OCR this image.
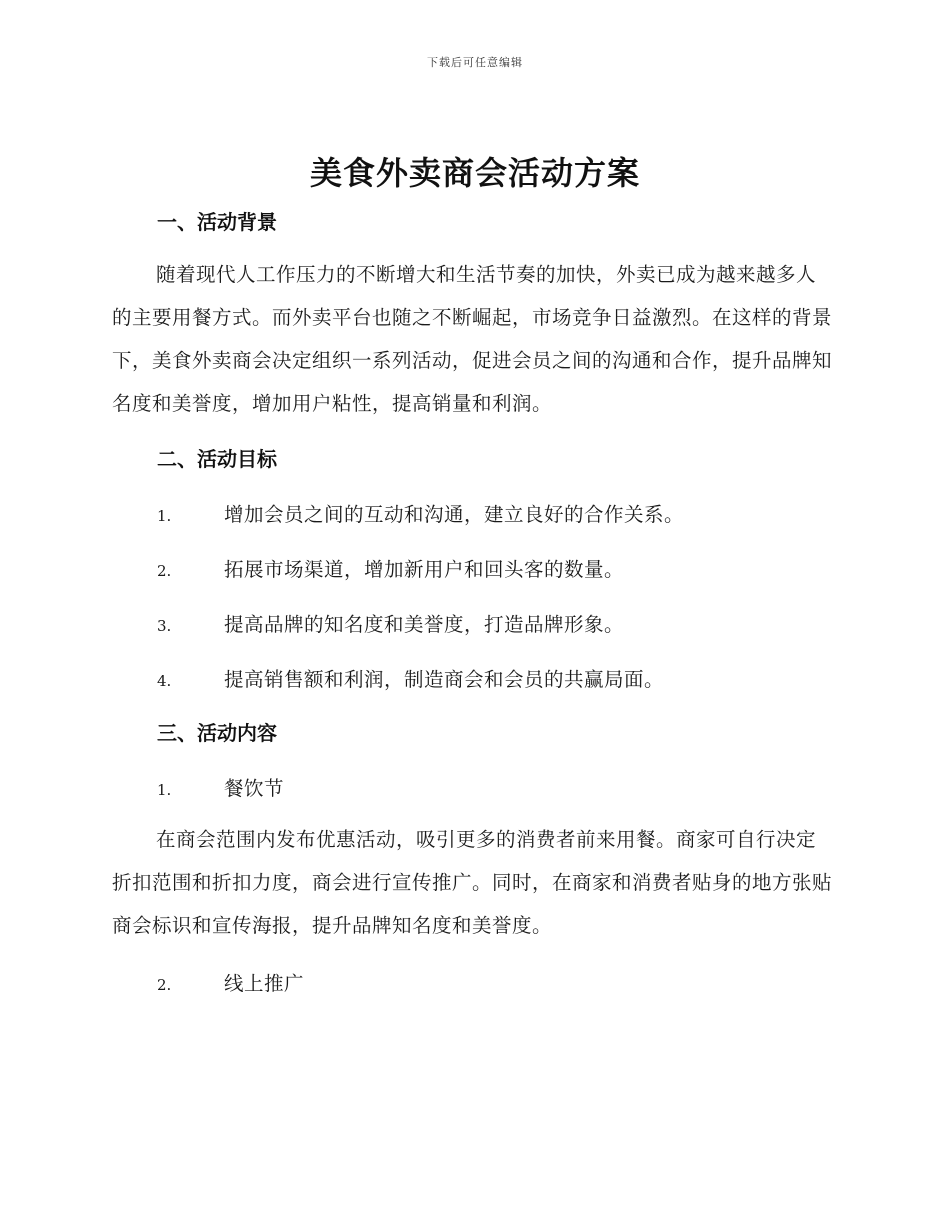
下载后可任意编辑
美食外卖商会活动方案
一、活动背景
随着现代人工作压力的不断增大和生活节奏的加快，外卖已成为越来越多人的主要用餐方式。而外卖平台也随之不断崛起，市场竞争日益激烈。在这样的背景下，美食外卖商会决定组织一系列活动，促进会员之间的沟通和合作，提升品牌知名度和美誉度，增加用户粘性，提高销量和利润。
二、活动目标
1.	增加会员之间的互动和沟通，建立良好的合作关系。
2.	拓展市场渠道，增加新用户和回头客的数量。
3.	提高品牌的知名度和美誉度，打造品牌形象。
4.	提高销售额和利润，制造商会和会员的共赢局面。
三、活动内容
1.	餐饮节
在商会范围内发布优惠活动，吸引更多的消费者前来用餐。商家可自行决定折扣范围和折扣力度，商会进行宣传推广。同时，在商家和消费者贴身的地方张贴商会标识和宣传海报，提升品牌知名度和美誉度。
2.	线上推广
